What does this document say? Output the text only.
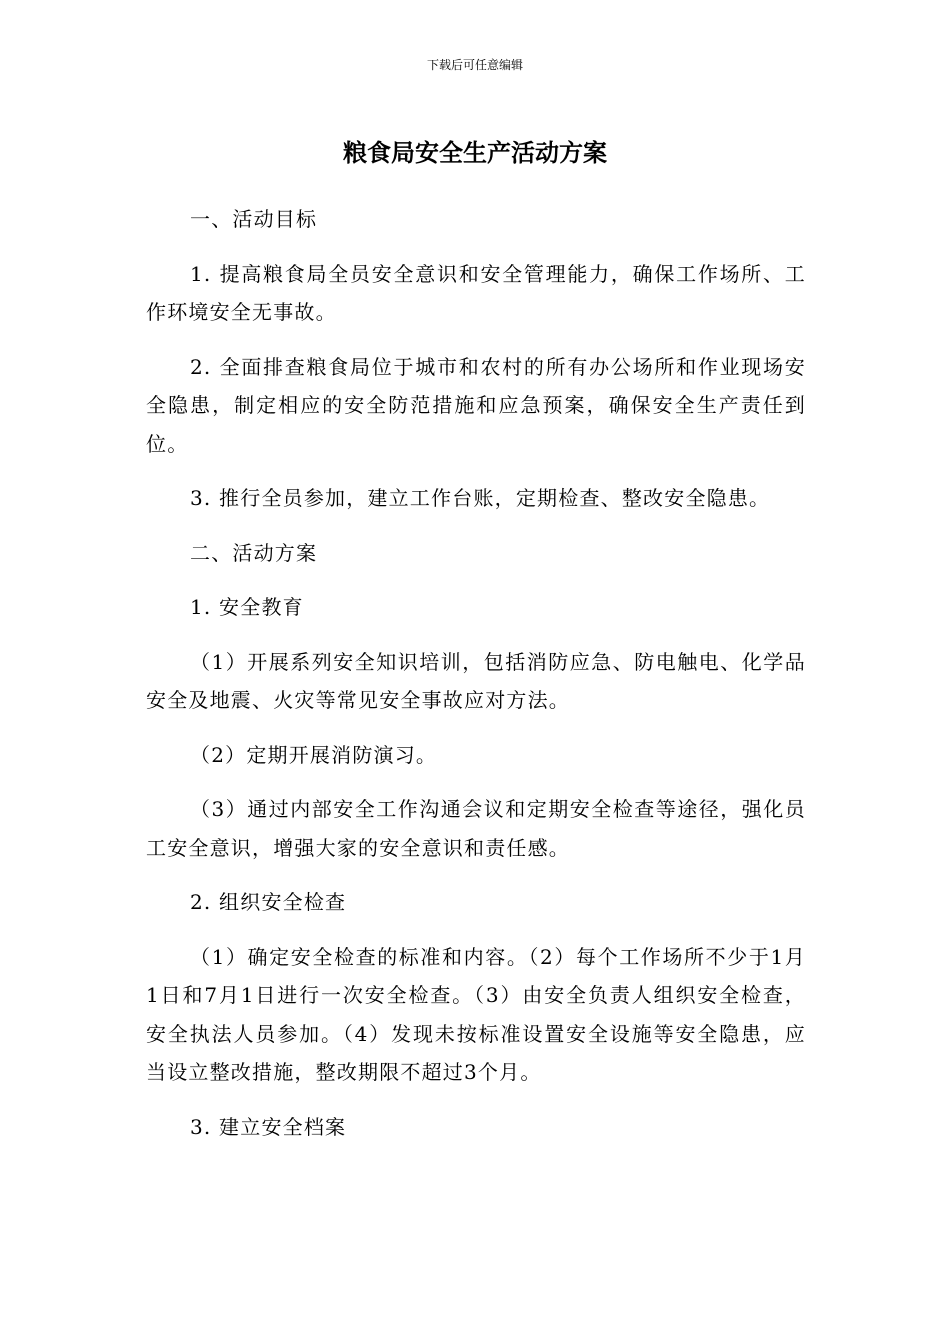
下载后可任意编辑
粮食局安全生产活动方案

一、活动目标

1. 提高粮食局全员安全意识和安全管理能力，确保工作场所、工作环境安全无事故。

2. 全面排查粮食局位于城市和农村的所有办公场所和作业现场安全隐患，制定相应的安全防范措施和应急预案，确保安全生产责任到位。

3. 推行全员参加，建立工作台账，定期检查、整改安全隐患。

二、活动方案

1. 安全教育

（1）开展系列安全知识培训，包括消防应急、防电触电、化学品安全及地震、火灾等常见安全事故应对方法。

（2）定期开展消防演习。

（3）通过内部安全工作沟通会议和定期安全检查等途径，强化员工安全意识，增强大家的安全意识和责任感。

2. 组织安全检查

（1）确定安全检查的标准和内容。（2）每个工作场所不少于1月1日和7月1日进行一次安全检查。（3）由安全负责人组织安全检查，安全执法人员参加。（4）发现未按标准设置安全设施等安全隐患，应当设立整改措施，整改期限不超过3个月。

3. 建立安全档案
